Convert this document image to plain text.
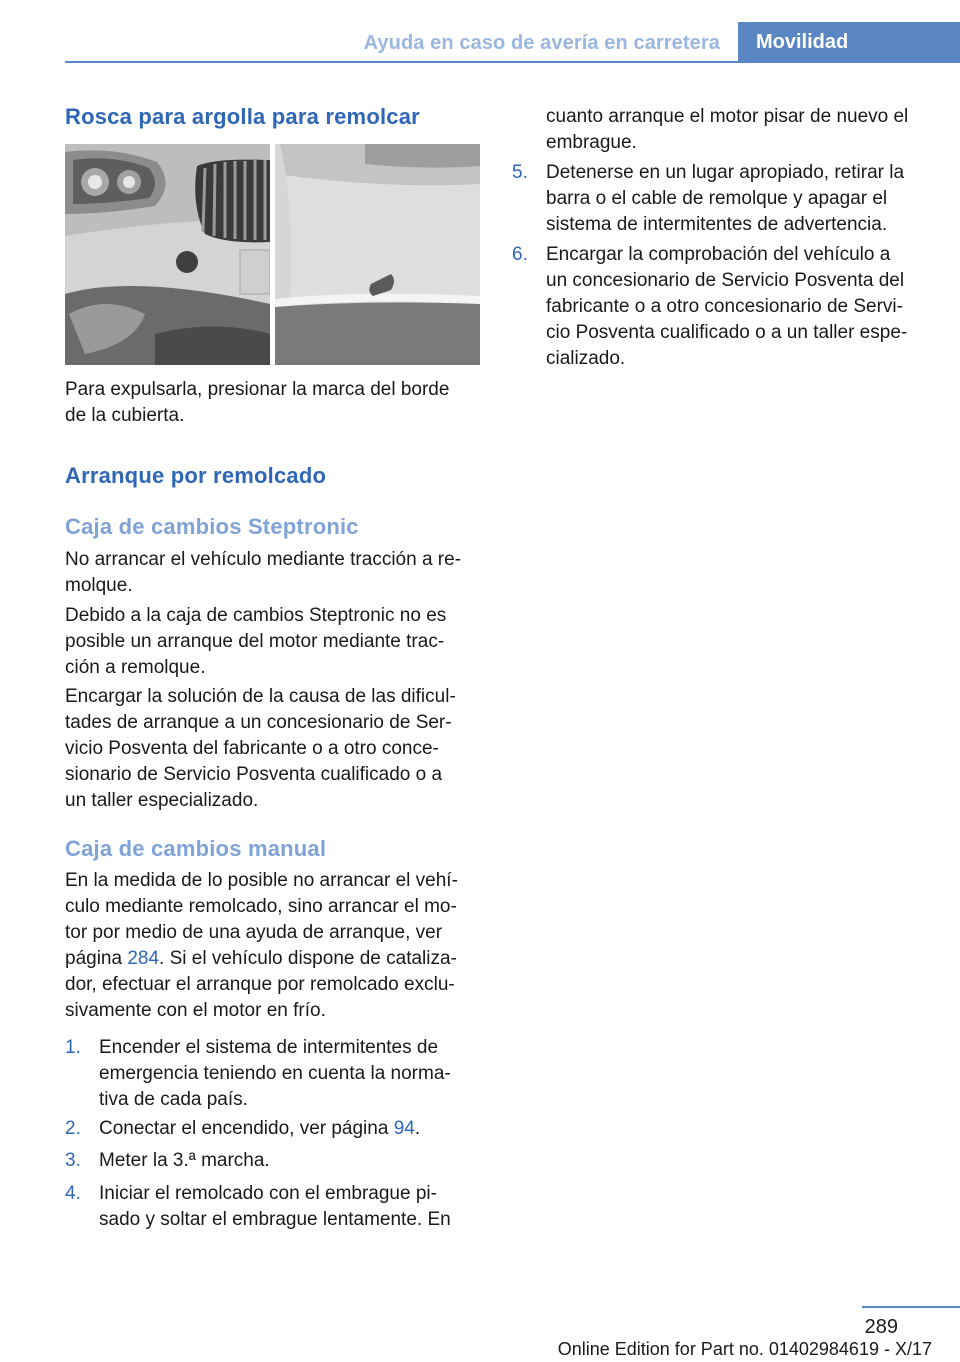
Ayuda en caso de avería en carretera	Movilidad
Rosca para argolla para remolcar

Para expulsarla, presionar la marca del borde
de la cubierta.

Arranque por remolcado
Caja de cambios Steptronic

No arrancar el vehículo mediante tracción a re-
molque.

Debido a la caja de cambios Steptronic no es
posible un arranque del motor mediante trac-
ción a remolque.

Encargar la solución de la causa de las dificul-
tades de arranque a un concesionario de Ser-
vicio Posventa del fabricante o a otro conce-
sionario de Servicio Posventa cualificado o a
un taller especializado.

Caja de cambios manual

En la medida de lo posible no arrancar el vehí-
culo mediante remolcado, sino arrancar el mo-
tor por medio de una ayuda de arranque, ver
página 284. Si el vehículo dispone de cataliza-
dor, efectuar el arranque por remolcado exclu-
sivamente con el motor en frío.

1. Encender el sistema de intermitentes de
emergencia teniendo en cuenta la norma-
tiva de cada país.
2. Conectar el encendido, ver página 94.
3. Meter la 3.ª marcha.
4. Iniciar el remolcado con el embrague pi-
sado y soltar el embrague lentamente. En

cuanto arranque el motor pisar de nuevo el
embrague.

5. Detenerse en un lugar apropiado, retirar la
barra o el cable de remolque y apagar el
sistema de intermitentes de advertencia.
6. Encargar la comprobación del vehículo a
un concesionario de Servicio Posventa del
fabricante o a otro concesionario de Servi-
cio Posventa cualificado o a un taller espe-
cializado.
289
Online Edition for Part no. 01402984619 - X/17
